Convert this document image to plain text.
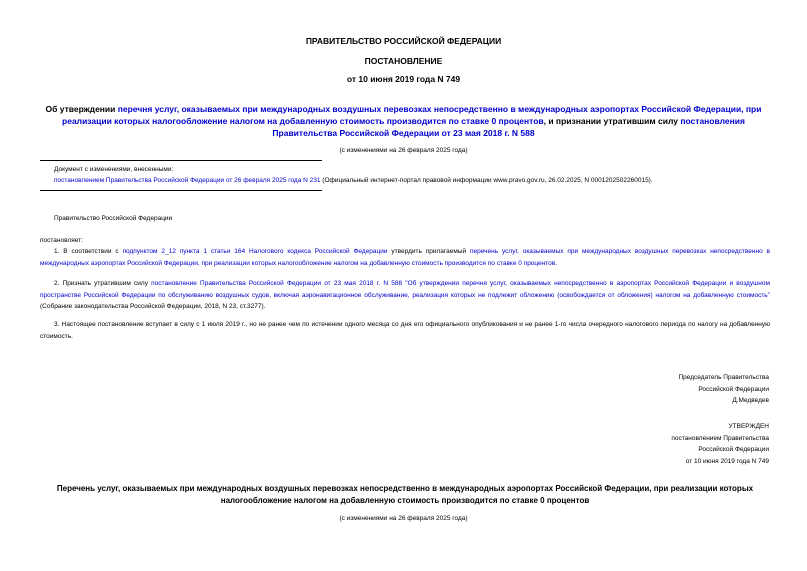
ПРАВИТЕЛЬСТВО РОССИЙСКОЙ ФЕДЕРАЦИИ
ПОСТАНОВЛЕНИЕ
от 10 июня 2019 года N 749
Об утверждении перечня услуг, оказываемых при международных воздушных перевозках непосредственно в международных аэропортах Российской Федерации, при реализации которых налогообложение налогом на добавленную стоимость производится по ставке 0 процентов, и признании утратившим силу постановления Правительства Российской Федерации от 23 мая 2018 г. N 588
(с изменениями на 26 февраля 2025 года)
Документ с изменениями, внесенными:
постановлением Правительства Российской Федерации от 26 февраля 2025 года N 231 (Официальный интернет-портал правовой информации www.pravo.gov.ru, 26.02.2025, N 0001202502260015).
Правительство Российской Федерации
постановляет:
1. В соответствии с подпунктом 2_12 пункта 1 статьи 164 Налогового кодекса Российской Федерации утвердить прилагаемый перечень услуг, оказываемых при международных воздушных перевозках непосредственно в международных аэропортах Российской Федерации, при реализации которых налогообложение налогом на добавленную стоимость производится по ставке 0 процентов.
2. Признать утратившим силу постановление Правительства Российской Федерации от 23 мая 2018 г. N 588 "Об утверждении перечня услуг, оказываемых непосредственно в аэропортах Российской Федерации и воздушном пространстве Российской Федерации по обслуживанию воздушных судов, включая аэронавигационное обслуживание, реализация которых не подлежит обложению (освобождается от обложения) налогом на добавленную стоимость" (Собрание законодательства Российской Федерации, 2018, N 23, ст.3277).
3. Настоящее постановление вступает в силу с 1 июля 2019 г., но не ранее чем по истечении одного месяца со дня его официального опубликования и не ранее 1-го числа очередного налогового периода по налогу на добавленную стоимость.
Председатель Правительства
Российской Федерации
Д.Медведев
УТВЕРЖДЕН
постановлением Правительства
Российской Федерации
от 10 июня 2019 года N 749
Перечень услуг, оказываемых при международных воздушных перевозках непосредственно в международных аэропортах Российской Федерации, при реализации которых налогообложение налогом на добавленную стоимость производится по ставке 0 процентов
(с изменениями на 26 февраля 2025 года)
